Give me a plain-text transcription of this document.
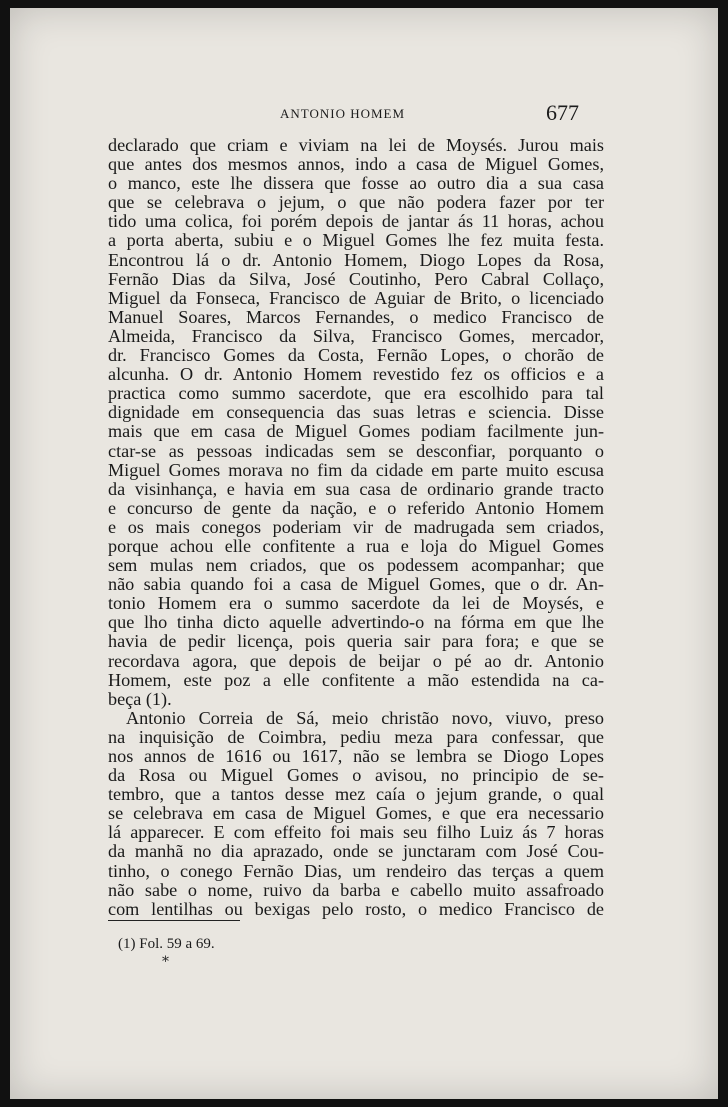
ANTONIO HOMEM	677
declarado que criam e viviam na lei de Moysés. Jurou mais
que antes dos mesmos annos, indo a casa de Miguel Gomes,
o manco, este lhe dissera que fosse ao outro dia a sua casa
que se celebrava o jejum, o que não podera fazer por ter
tido uma colica, foi porém depois de jantar ás 11 horas, achou
a porta aberta, subiu e o Miguel Gomes lhe fez muita festa.
Encontrou lá o dr. Antonio Homem, Diogo Lopes da Rosa,
Fernão Dias da Silva, José Coutinho, Pero Cabral Collaço,
Miguel da Fonseca, Francisco de Aguiar de Brito, o licenciado
Manuel Soares, Marcos Fernandes, o medico Francisco de
Almeida, Francisco da Silva, Francisco Gomes, mercador,
dr. Francisco Gomes da Costa, Fernão Lopes, o chorão de
alcunha. O dr. Antonio Homem revestido fez os officios e a
practica como summo sacerdote, que era escolhido para tal
dignidade em consequencia das suas letras e sciencia. Disse
mais que em casa de Miguel Gomes podiam facilmente jun-
ctar-se as pessoas indicadas sem se desconfiar, porquanto o
Miguel Gomes morava no fim da cidade em parte muito escusa
da visinhança, e havia em sua casa de ordinario grande tracto
e concurso de gente da nação, e o referido Antonio Homem
e os mais conegos poderiam vir de madrugada sem criados,
porque achou elle confitente a rua e loja do Miguel Gomes
sem mulas nem criados, que os podessem acompanhar; que
não sabia quando foi a casa de Miguel Gomes, que o dr. An-
tonio Homem era o summo sacerdote da lei de Moysés, e
que lho tinha dicto aquelle advertindo-o na fórma em que lhe
havia de pedir licença, pois queria sair para fora; e que se
recordava agora, que depois de beijar o pé ao dr. Antonio
Homem, este poz a elle confitente a mão estendida na ca-
beça (1).
Antonio Correia de Sá, meio christão novo, viuvo, preso
na inquisição de Coimbra, pediu meza para confessar, que
nos annos de 1616 ou 1617, não se lembra se Diogo Lopes
da Rosa ou Miguel Gomes o avisou, no principio de se-
tembro, que a tantos desse mez caía o jejum grande, o qual
se celebrava em casa de Miguel Gomes, e que era necessario
lá apparecer. E com effeito foi mais seu filho Luiz ás 7 horas
da manhã no dia aprazado, onde se junctaram com José Cou-
tinho, o conego Fernão Dias, um rendeiro das terças a quem
não sabe o nome, ruivo da barba e cabello muito assafroado
com lentilhas ou bexigas pelo rosto, o medico Francisco de
(1) Fol. 59 a 69.
*
